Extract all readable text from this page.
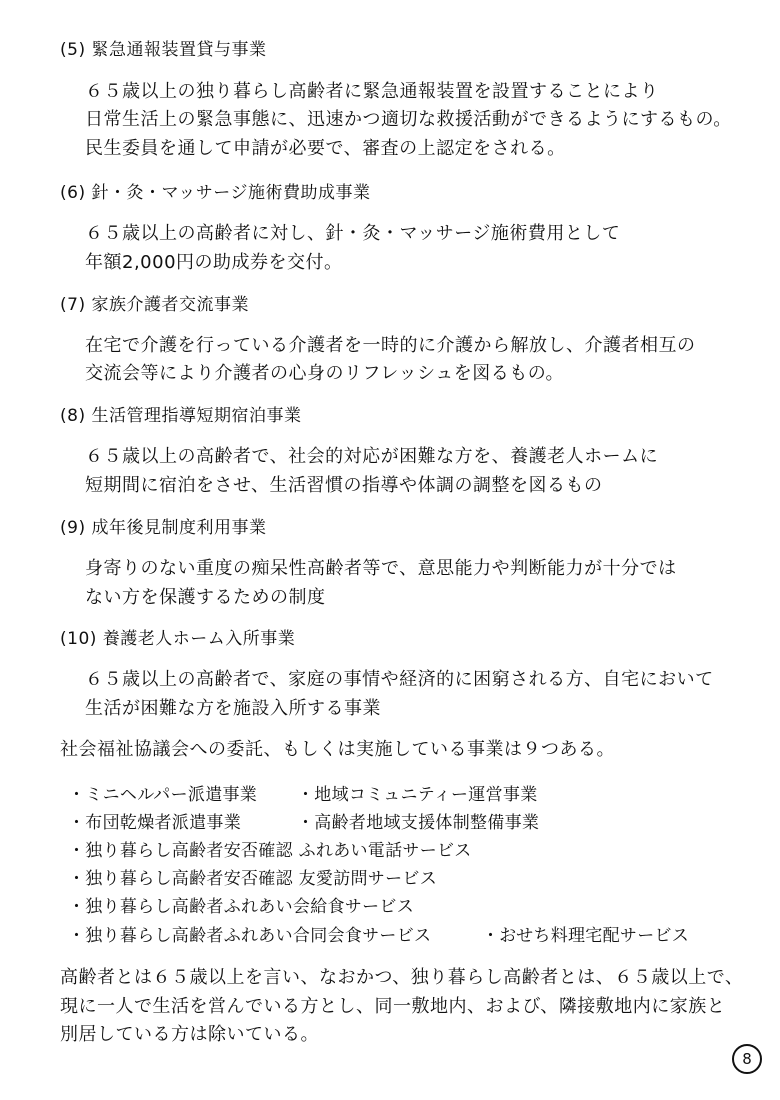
(5) 緊急通報装置貸与事業
６５歳以上の独り暮らし高齢者に緊急通報装置を設置することにより
日常生活上の緊急事態に、迅速かつ適切な救援活動ができるようにするもの。
民生委員を通して申請が必要で、審査の上認定をされる。
(6) 針・灸・マッサージ施術費助成事業
６５歳以上の高齢者に対し、針・灸・マッサージ施術費用として
年額2,000円の助成券を交付。
(7) 家族介護者交流事業
在宅で介護を行っている介護者を一時的に介護から解放し、介護者相互の
交流会等により介護者の心身のリフレッシュを図るもの。
(8) 生活管理指導短期宿泊事業
６５歳以上の高齢者で、社会的対応が困難な方を、養護老人ホームに
短期間に宿泊をさせ、生活習慣の指導や体調の調整を図るもの
(9) 成年後見制度利用事業
身寄りのない重度の痴呆性高齢者等で、意思能力や判断能力が十分では
ない方を保護するための制度
(10) 養護老人ホーム入所事業
６５歳以上の高齢者で、家庭の事情や経済的に困窮される方、自宅において
生活が困難な方を施設入所する事業
社会福祉協議会への委託、もしくは実施している事業は９つある。
・ミニヘルパー派遣事業 ・地域コミュニティー運営事業
・布団乾燥者派遣事業	・高齢者地域支援体制整備事業
・独り暮らし高齢者安否確認 ふれあい電話サービス
・独り暮らし高齢者安否確認 友愛訪問サービス
・独り暮らし高齢者ふれあい会給食サービス
・独り暮らし高齢者ふれあい合同会食サービス	・おせち料理宅配サービス
高齢者とは６５歳以上を言い、なおかつ、独り暮らし高齢者とは、６５歳以上で、
現に一人で生活を営んでいる方とし、同一敷地内、および、隣接敷地内に家族と
別居している方は除いている。
8
